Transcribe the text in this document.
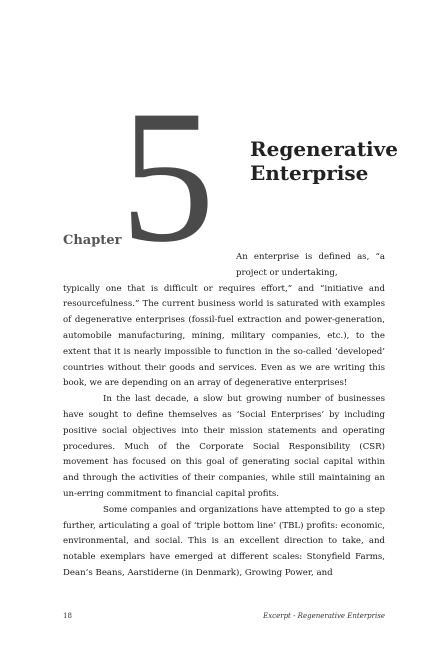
5
Chapter
Regenerative
Enterprise

An enterprise is defined as, “a project or undertaking,
typically one that is difficult or requires effort,” and “initiative and resourcefulness.” The current business world is saturated with examples of degenerative enterprises (fossil-fuel extraction and power-generation, automobile manufacturing, mining, military companies, etc.), to the extent that it is nearly impossible to function in the so-called ‘developed’ countries without their goods and services. Even as we are writing this book, we are depending on an array of degenerative enterprises!

In the last decade, a slow but growing number of businesses have sought to define themselves as ‘Social Enterprises’ by including positive social objectives into their mission statements and operating procedures. Much of the Corporate Social Responsibility (CSR) movement has focused on this goal of generating social capital within and through the activities of their companies, while still maintaining an un-erring commitment to financial capital profits.

Some companies and organizations have attempted to go a step further, articulating a goal of ‘triple bottom line’ (TBL) profits: economic, environmental, and social. This is an excellent direction to take, and notable exemplars have emerged at different scales: Stonyfield Farms, Dean’s Beans, Aarstiderne (in Denmark), Growing Power, and

18	Excerpt - Regenerative Enterprise
